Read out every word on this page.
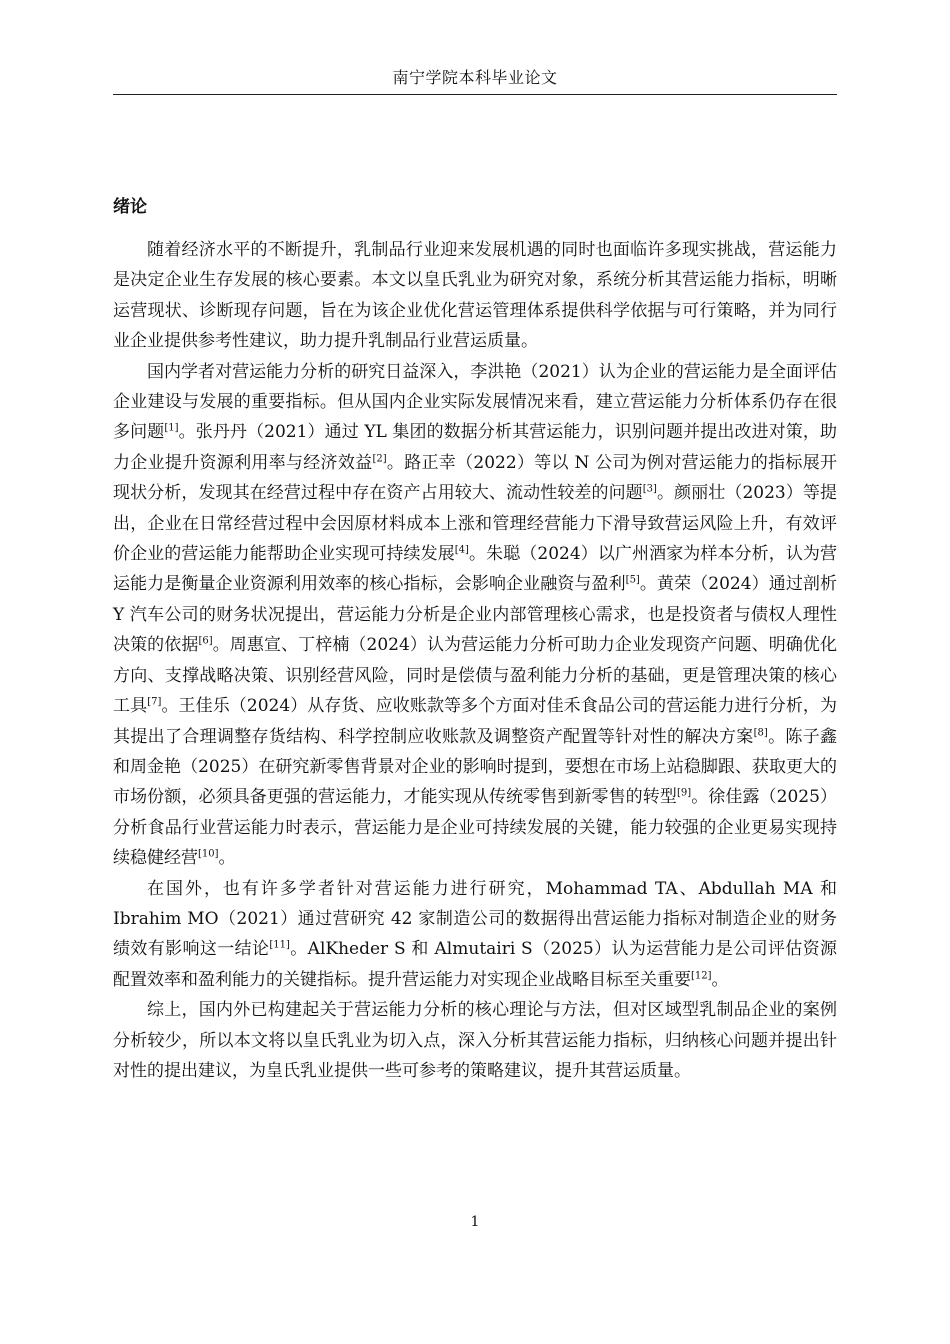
南宁学院本科毕业论文
绪论

随着经济水平的不断提升，乳制品行业迎来发展机遇的同时也面临许多现实挑战，营运能力是决定企业生存发展的核心要素。本文以皇氏乳业为研究对象，系统分析其营运能力指标，明晰运营现状、诊断现存问题，旨在为该企业优化营运管理体系提供科学依据与可行策略，并为同行业企业提供参考性建议，助力提升乳制品行业营运质量。

国内学者对营运能力分析的研究日益深入，李洪艳（2021）认为企业的营运能力是全面评估企业建设与发展的重要指标。但从国内企业实际发展情况来看，建立营运能力分析体系仍存在很多问题[1]。张丹丹（2021）通过 YL 集团的数据分析其营运能力，识别问题并提出改进对策，助力企业提升资源利用率与经济效益[2]。路正幸（2022）等以 N 公司为例对营运能力的指标展开现状分析，发现其在经营过程中存在资产占用较大、流动性较差的问题[3]。颜丽壮（2023）等提出，企业在日常经营过程中会因原材料成本上涨和管理经营能力下滑导致营运风险上升，有效评价企业的营运能力能帮助企业实现可持续发展[4]。朱聪（2024）以广州酒家为样本分析，认为营运能力是衡量企业资源利用效率的核心指标，会影响企业融资与盈利[5]。黄荣（2024）通过剖析 Y 汽车公司的财务状况提出，营运能力分析是企业内部管理核心需求，也是投资者与债权人理性决策的依据[6]。周惠宣、丁梓楠（2024）认为营运能力分析可助力企业发现资产问题、明确优化方向、支撑战略决策、识别经营风险，同时是偿债与盈利能力分析的基础，更是管理决策的核心工具[7]。王佳乐（2024）从存货、应收账款等多个方面对佳禾食品公司的营运能力进行分析，为其提出了合理调整存货结构、科学控制应收账款及调整资产配置等针对性的解决方案[8]。陈子鑫和周金艳（2025）在研究新零售背景对企业的影响时提到，要想在市场上站稳脚跟、获取更大的市场份额，必须具备更强的营运能力，才能实现从传统零售到新零售的转型[9]。徐佳露（2025）分析食品行业营运能力时表示，营运能力是企业可持续发展的关键，能力较强的企业更易实现持续稳健经营[10]。

在国外，也有许多学者针对营运能力进行研究，Mohammad TA、Abdullah MA 和 Ibrahim MO（2021）通过营研究 42 家制造公司的数据得出营运能力指标对制造企业的财务绩效有影响这一结论[11]。AlKheder S 和 Almutairi S（2025）认为运营能力是公司评估资源配置效率和盈利能力的关键指标。提升营运能力对实现企业战略目标至关重要[12]。

综上，国内外已构建起关于营运能力分析的核心理论与方法，但对区域型乳制品企业的案例分析较少，所以本文将以皇氏乳业为切入点，深入分析其营运能力指标，归纳核心问题并提出针对性的提出建议，为皇氏乳业提供一些可参考的策略建议，提升其营运质量。

1
